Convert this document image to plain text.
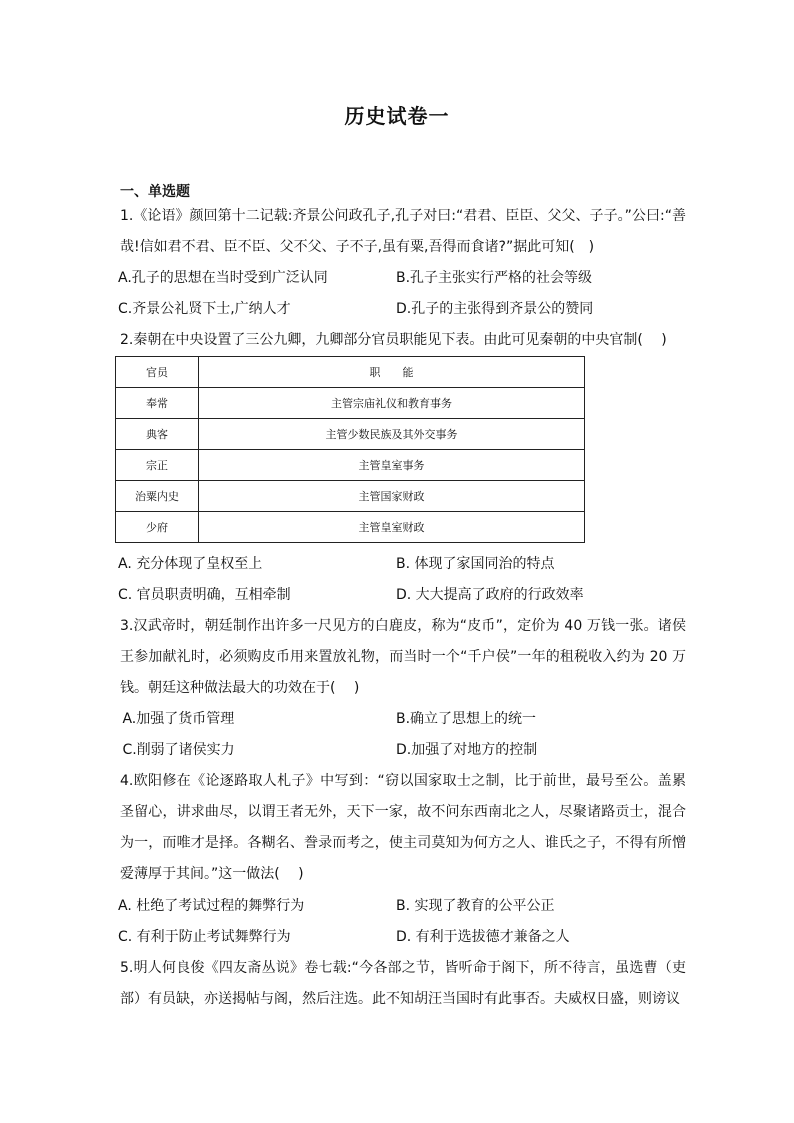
历史试卷一
一、单选题
1.《论语》颜回第十二记载:齐景公问政孔子,孔子对曰:“君君、臣臣、父父、子子。”公曰:“善哉!信如君不君、臣不臣、父不父、子不子,虽有粟,吾得而食诸?”据此可知(　)
A.孔子的思想在当时受到广泛认同	B.孔子主张实行严格的社会等级
C.齐景公礼贤下士,广纳人才	D.孔子的主张得到齐景公的赞同
2.秦朝在中央设置了三公九卿，九卿部分官员职能见下表。由此可见秦朝的中央官制(　 )
官员	职　　能
奉常	主管宗庙礼仪和教育事务
典客	主管少数民族及其外交事务
宗正	主管皇室事务
治粟内史	主管国家财政
少府	主管皇室财政
A. 充分体现了皇权至上	B. 体现了家国同治的特点
C. 官员职责明确，互相牵制	D. 大大提高了政府的行政效率
3.汉武帝时，朝廷制作出许多一尺见方的白鹿皮，称为“皮币”，定价为 40 万钱一张。诸侯王参加献礼时，必须购皮币用来置放礼物，而当时一个“千户侯”一年的租税收入约为 20 万钱。朝廷这种做法最大的功效在于(　 )
A.加强了货币管理	B.确立了思想上的统一
C.削弱了诸侯实力	D.加强了对地方的控制
4.欧阳修在《论逐路取人札子》中写到：“窃以国家取士之制，比于前世，最号至公。盖累圣留心，讲求曲尽，以谓王者无外，天下一家，故不问东西南北之人，尽聚诸路贡士，混合为一，而唯才是择。各糊名、誊录而考之，使主司莫知为何方之人、谁氏之子，不得有所憎爱薄厚于其间。”这一做法(　 )
A. 杜绝了考试过程的舞弊行为	B. 实现了教育的公平公正
C. 有利于防止考试舞弊行为	D. 有利于选拔德才兼备之人
5.明人何良俊《四友斋丛说》卷七载:“今各部之节，皆听命于阁下，所不待言，虽选曹（吏部）有员缺，亦送揭帖与阁，然后注选。此不知胡汪当国时有此事否。夫威权日盛，则谤议
